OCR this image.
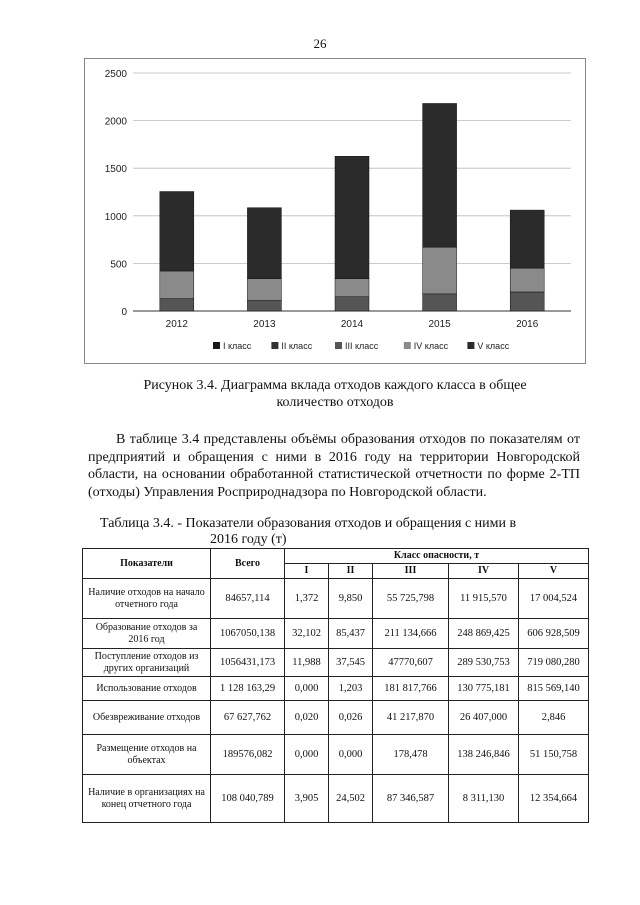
26
0
500
1000
1500
2000
2500
2012	2013	2014	2015	2016
I класс	II класс	III класс	IV класс	V класс
Рисунок 3.4. Диаграмма вклада отходов каждого класса в общее
количество отходов
В таблице 3.4 представлены объёмы образования отходов по показателям от предприятий и обращения с ними в 2016 году на территории Новгородской области, на основании обработанной статистической отчетности по форме 2-ТП (отходы) Управления Росприроднадзора по Новгородской области.
Таблица 3.4. - Показатели образования отходов и обращения с ними в
2016 году (т)
Показатели	Всего	Класс опасности, т				
		I	II	III	IV	V
Наличие отходов на начало отчетного года	84657,114	1,372	9,850	55 725,798	11 915,570	17 004,524
Образование отходов за 2016 год	1067050,138	32,102	85,437	211 134,666	248 869,425	606 928,509
Поступление отходов из других организаций	1056431,173	11,988	37,545	47770,607	289 530,753	719 080,280
Использование отходов	1 128 163,29	0,000	1,203	181 817,766	130 775,181	815 569,140
Обезвреживание отходов	67 627,762	0,020	0,026	41 217,870	26 407,000	2,846
Размещение отходов на объектах	189576,082	0,000	0,000	178,478	138 246,846	51 150,758
Наличие в организациях на конец отчетного года	108 040,789	3,905	24,502	87 346,587	8 311,130	12 354,664
